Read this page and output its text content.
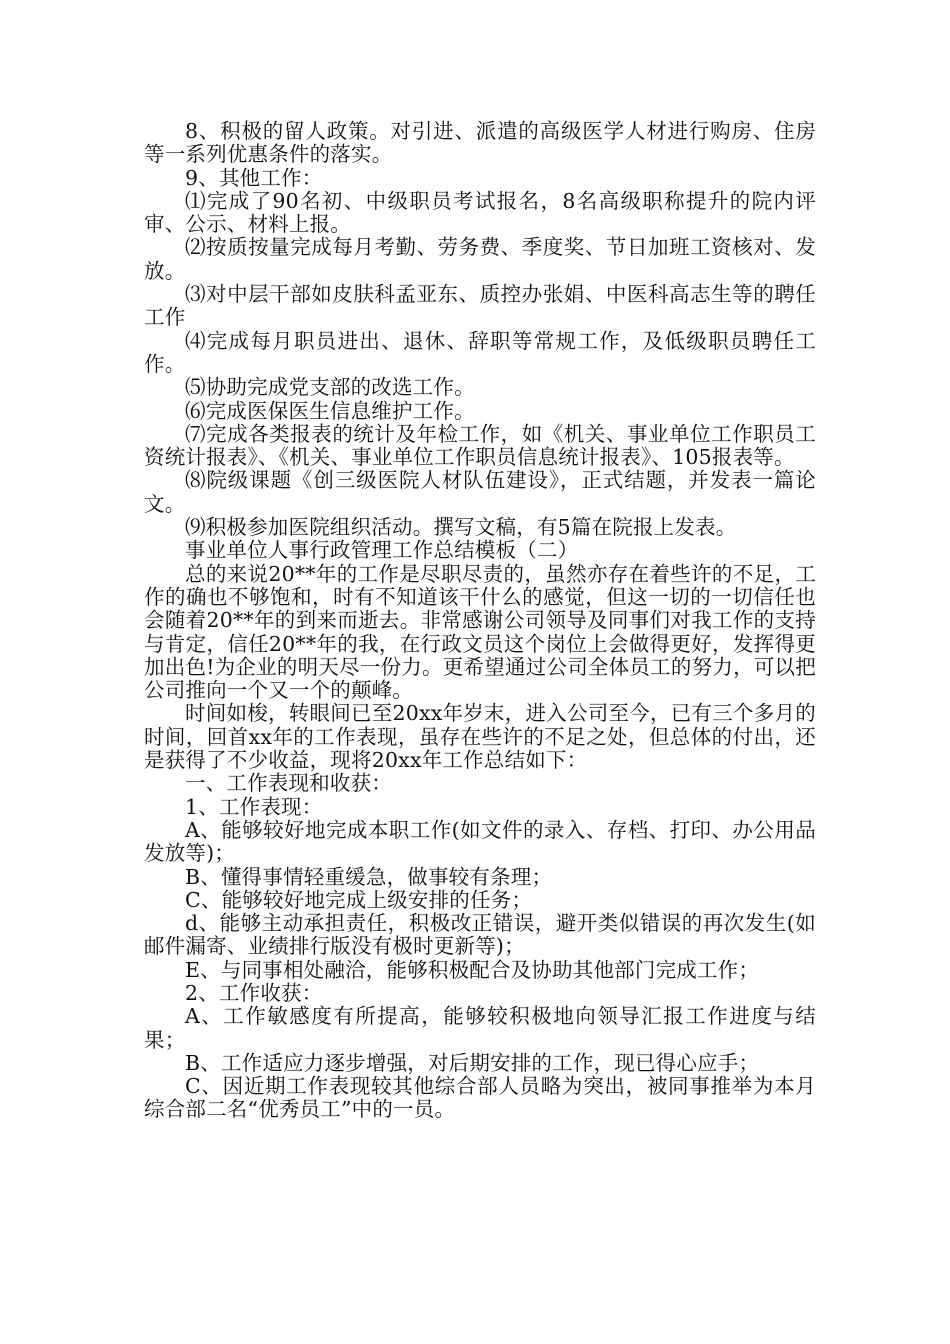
8、积极的留人政策。对引进、派遣的高级医学人材进行购房、住房等一系列优惠条件的落实。

9、其他工作：

⑴完成了90名初、中级职员考试报名，8名高级职称提升的院内评审、公示、材料上报。

⑵按质按量完成每月考勤、劳务费、季度奖、节日加班工资核对、发放。

⑶对中层干部如皮肤科孟亚东、质控办张娟、中医科高志生等的聘任工作

⑷完成每月职员进出、退休、辞职等常规工作，及低级职员聘任工作。

⑸协助完成党支部的改选工作。

⑹完成医保医生信息维护工作。

⑺完成各类报表的统计及年检工作，如《机关、事业单位工作职员工资统计报表》、《机关、事业单位工作职员信息统计报表》、105报表等。

⑻院级课题《创三级医院人材队伍建设》，正式结题，并发表一篇论文。

⑼积极参加医院组织活动。撰写文稿，有5篇在院报上发表。

事业单位人事行政管理工作总结模板（二）

总的来说20**年的工作是尽职尽责的，虽然亦存在着些许的不足，工作的确也不够饱和，时有不知道该干什么的感觉，但这一切的一切信任也会随着20**年的到来而逝去。非常感谢公司领导及同事们对我工作的支持与肯定，信任20**年的我，在行政文员这个岗位上会做得更好，发挥得更加出色!为企业的明天尽一份力。更希望通过公司全体员工的努力，可以把公司推向一个又一个的颠峰。

时间如梭，转眼间已至20xx年岁末，进入公司至今，已有三个多月的时间，回首xx年的工作表现，虽存在些许的不足之处，但总体的付出，还是获得了不少收益，现将20xx年工作总结如下：

一、工作表现和收获：

1、工作表现：

A、能够较好地完成本职工作(如文件的录入、存档、打印、办公用品发放等)；

B、懂得事情轻重缓急，做事较有条理；

C、能够较好地完成上级安排的任务；

d、能够主动承担责任，积极改正错误，避开类似错误的再次发生(如邮件漏寄、业绩排行版没有极时更新等)；

E、与同事相处融洽，能够积极配合及协助其他部门完成工作；

2、工作收获：

A、工作敏感度有所提高，能够较积极地向领导汇报工作进度与结果；

B、工作适应力逐步增强，对后期安排的工作，现已得心应手；

C、因近期工作表现较其他综合部人员略为突出，被同事推举为本月综合部二名“优秀员工”中的一员。
